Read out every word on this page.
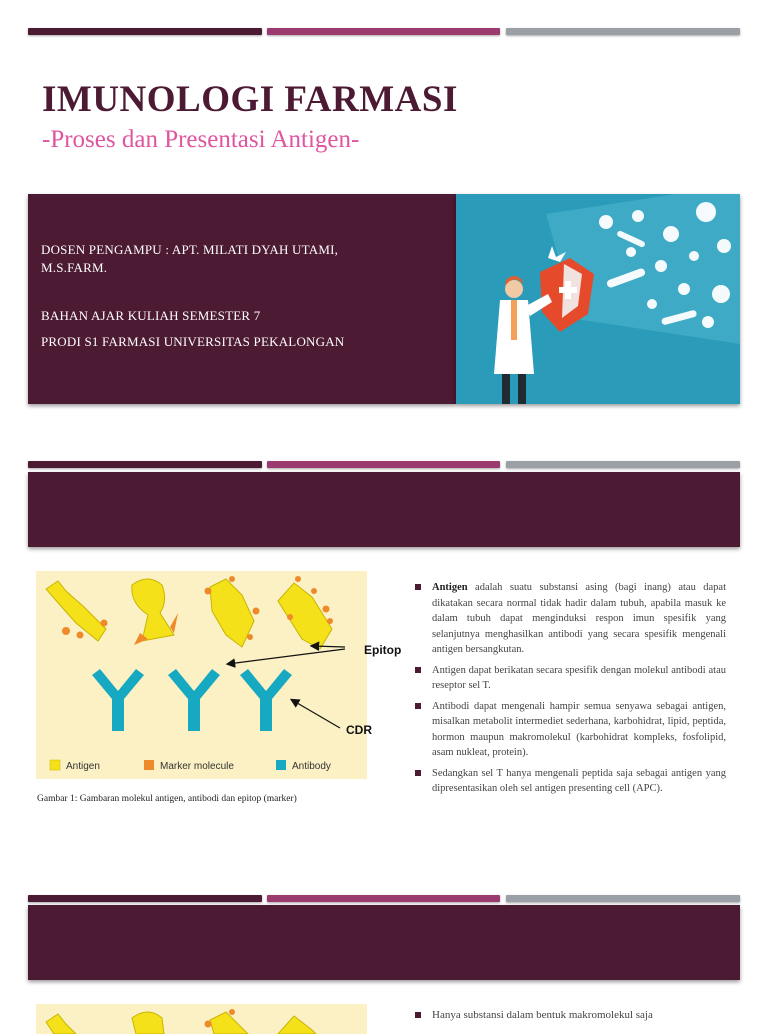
IMUNOLOGI FARMASI
-Proses dan Presentasi Antigen-
DOSEN PENGAMPU : APT. MILATI DYAH UTAMI,
M.S.FARM.
BAHAN AJAR KULIAH SEMESTER 7
PRODI S1 FARMASI UNIVERSITAS PEKALONGAN
Antigen	Marker molecule	Antibody
Epitop
CDR
Gambar 1: Gambaran molekul antigen, antibodi dan epitop (marker)
Antigen adalah suatu substansi asing (bagi inang) atau dapat dikatakan secara normal tidak hadir dalam tubuh, apabila masuk ke dalam tubuh dapat menginduksi respon imun spesifik yang selanjutnya menghasilkan antibodi yang secara spesifik mengenali antigen bersangkutan.
Antigen dapat berikatan secara spesifik dengan molekul antibodi atau reseptor sel T.
Antibodi dapat mengenali hampir semua senyawa sebagai antigen, misalkan metabolit intermediet sederhana, karbohidrat, lipid, peptida, hormon maupun makromolekul (karbohidrat kompleks, fosfolipid, asam nukleat, protein).
Sedangkan sel T hanya mengenali peptida saja sebagai antigen yang dipresentasikan oleh sel antigen presenting cell (APC).
Hanya substansi dalam bentuk makromolekul saja
